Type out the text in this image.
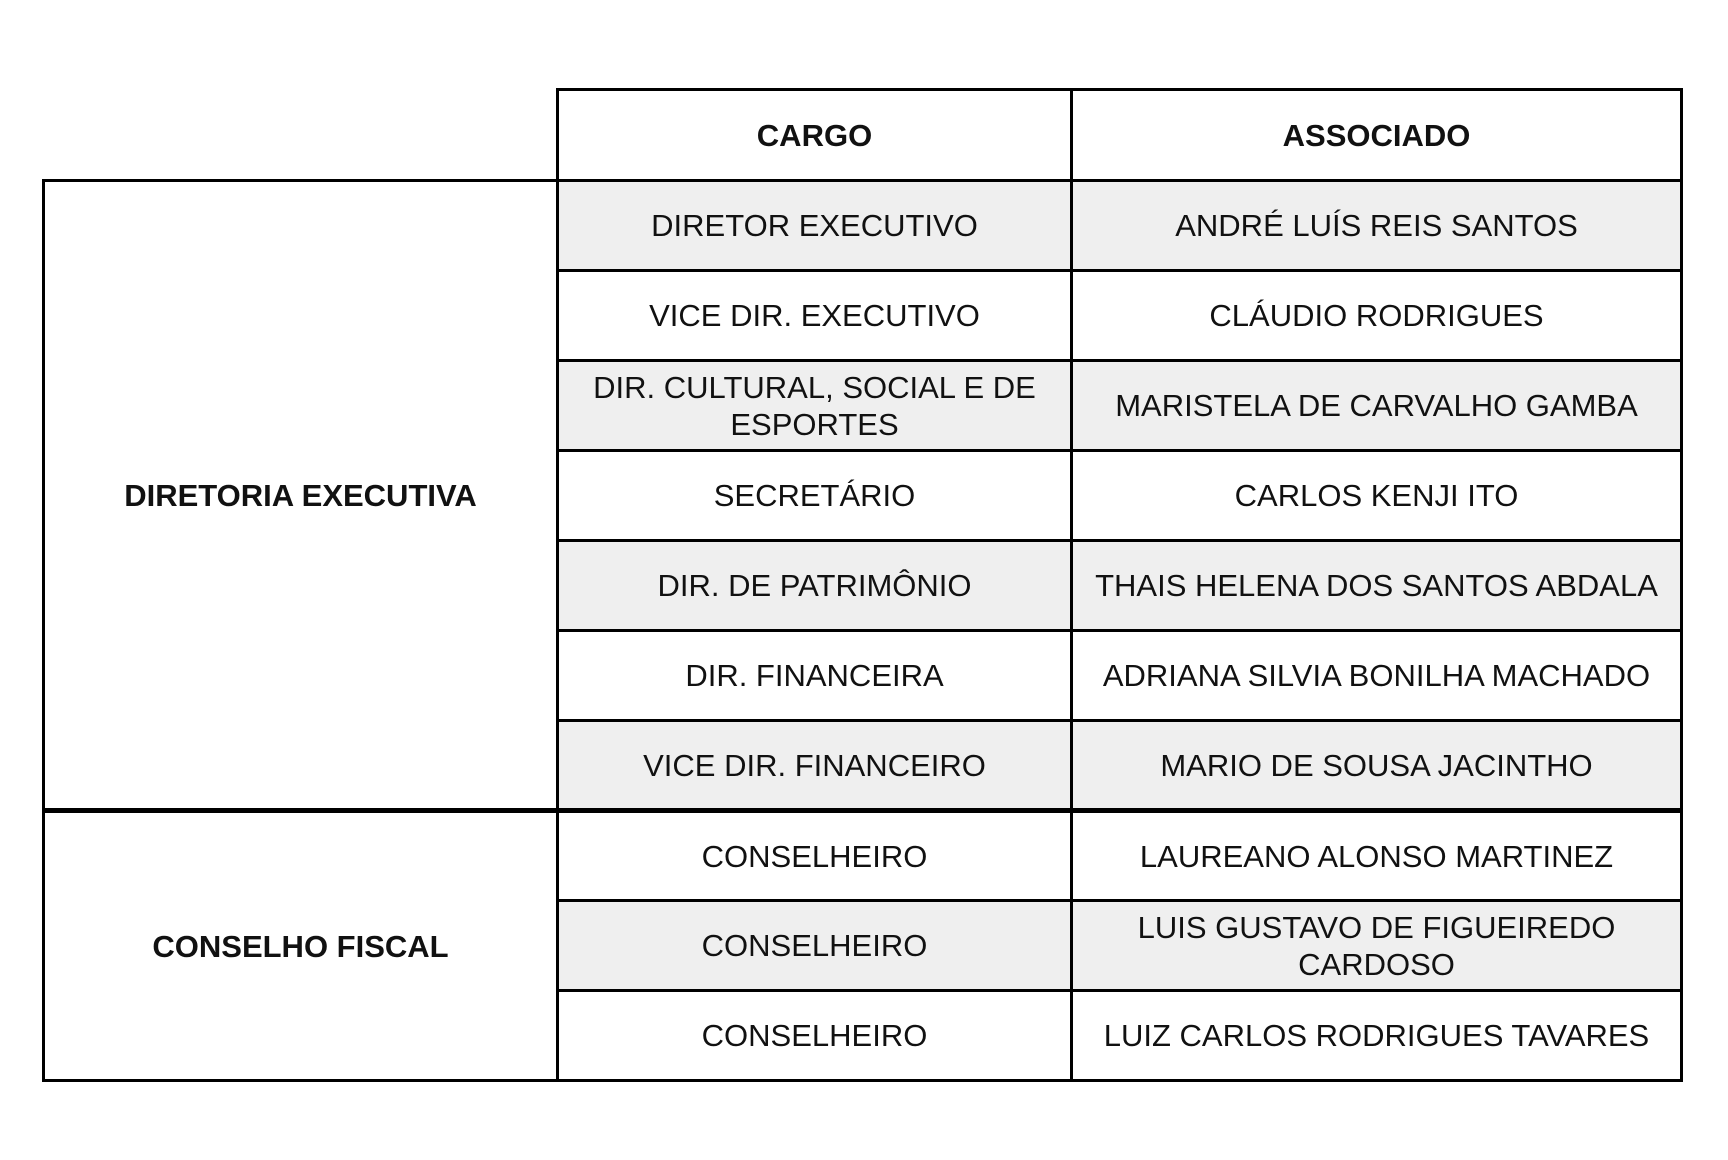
	CARGO	ASSOCIADO
DIRETORIA EXECUTIVA	DIRETOR EXECUTIVO	ANDRÉ LUÍS REIS SANTOS
	VICE DIR. EXECUTIVO	CLÁUDIO RODRIGUES
	DIR. CULTURAL, SOCIAL E DE ESPORTES	MARISTELA DE CARVALHO GAMBA
	SECRETÁRIO	CARLOS KENJI ITO
	DIR. DE PATRIMÔNIO	THAIS HELENA DOS SANTOS ABDALA
	DIR. FINANCEIRA	ADRIANA SILVIA BONILHA MACHADO
	VICE DIR. FINANCEIRO	MARIO DE SOUSA JACINTHO
CONSELHO FISCAL	CONSELHEIRO	LAUREANO ALONSO MARTINEZ
	CONSELHEIRO	LUIS GUSTAVO DE FIGUEIREDO CARDOSO
	CONSELHEIRO	LUIZ CARLOS RODRIGUES TAVARES
